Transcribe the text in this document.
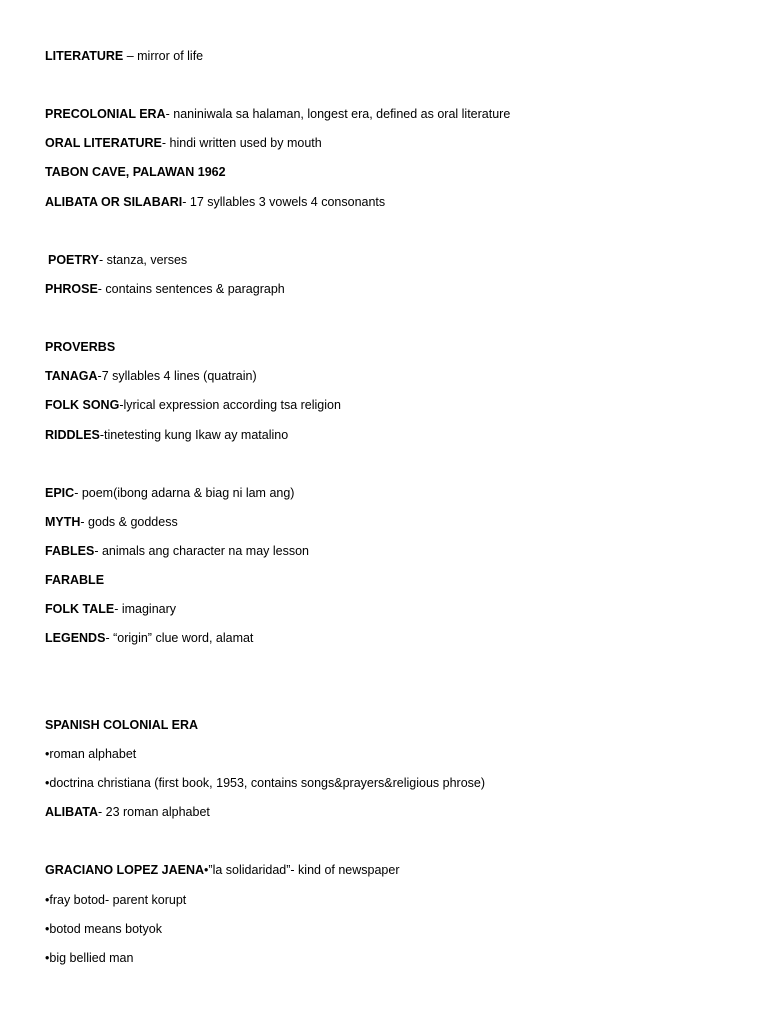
LITERATURE – mirror of life
PRECOLONIAL ERA- naniniwala sa halaman, longest era, defined as oral literature
ORAL LITERATURE- hindi written used by mouth
TABON CAVE, PALAWAN 1962
ALIBATA OR SILABARI- 17 syllables 3 vowels 4 consonants
POETRY- stanza, verses
PHROSE- contains sentences & paragraph
PROVERBS
TANAGA-7 syllables 4 lines (quatrain)
FOLK SONG-lyrical expression according tsa religion
RIDDLES-tinetesting kung Ikaw ay matalino
EPIC- poem(ibong adarna & biag ni lam ang)
MYTH- gods & goddess
FABLES- animals ang character na may lesson
FARABLE
FOLK TALE- imaginary
LEGENDS- “origin” clue word, alamat
SPANISH COLONIAL ERA
•roman alphabet
•doctrina christiana (first book, 1953, contains songs&prayers&religious phrose)
ALIBATA- 23 roman alphabet
GRACIANO LOPEZ JAENA•”la solidaridad”- kind of newspaper
•fray botod- parent korupt
•botod means botyok
•big bellied man
